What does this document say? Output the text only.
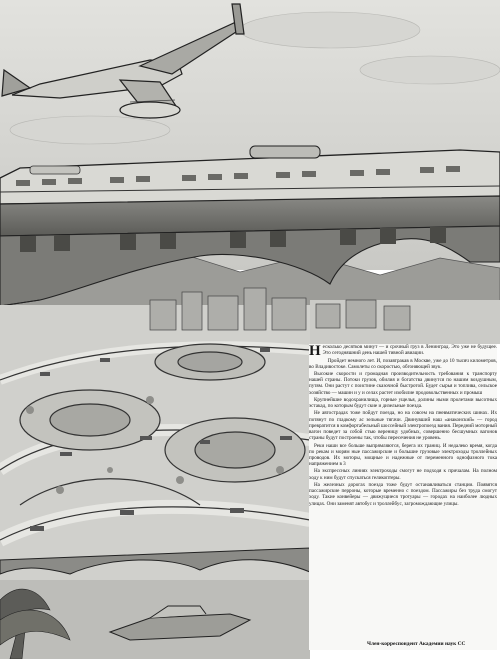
Несколько десятков минут — и срочный груз в Ленинград. Это уже не будущее. Это сегодняшний день нашей тивной авиации.

Пройдет немного лет. И, позавтракав в Москве, уже до 10 тысяч километров, во Владивостоке. Самолеты со скоростью, обгоняющей звук.

Высокие скорости и громадная производительность требования к транспорту нашей страны. Потоки грузов, обилия и богатства двинутся по нашим воздушным, путям. Они растут с поистине сказочной быстротой. Будет сырья и топлива, сельское хозяйство — машин и у и селах растет изобилие продовольственных и промыш

Крупнейшие водохранилища, горные ущелья, долины ными пролетами высотных эстакад, по которым будут ские и дизельные поезда.

Не автострадах тоже пойдут поезда, но на совсем на пневматических шинах. Их потянут по гладкому ас зельные тягачи. Двинувший наш «анаконский» — город превратится в комфортабельный шоссейный электропоезд вания. Передний моторный вагон поведет за собой стью вереницу удобных, совершенно бесшумных вагонов страны будут построены так, чтобы пересечения не уровень.

Реки наши все больше выпрямляются, берега их границ. И недалеко время, когда по рекам и морям ные пассажирские и большие грузовые электроходы троллейных проводов. Их моторы, мощные и надежные от переменного однофазного тока напряжением в 3

На экспрессных линиях электроходы смогут не подходя к причалам. На полном ходу к ним будут спускаться геликоптеры.

На железных дорогах поезда тоже будут останавливаться станции. Появятся пассажирские перроны, которые временно с поездом. Пассажиры без труда смогут ходу. Такие конвейеры — движущиеся тротуары — городах на наиболее людных улицах. Они заменят автобус и троллейбус, загромождающие улицы.

Член-корреспондент Академии наук СС
